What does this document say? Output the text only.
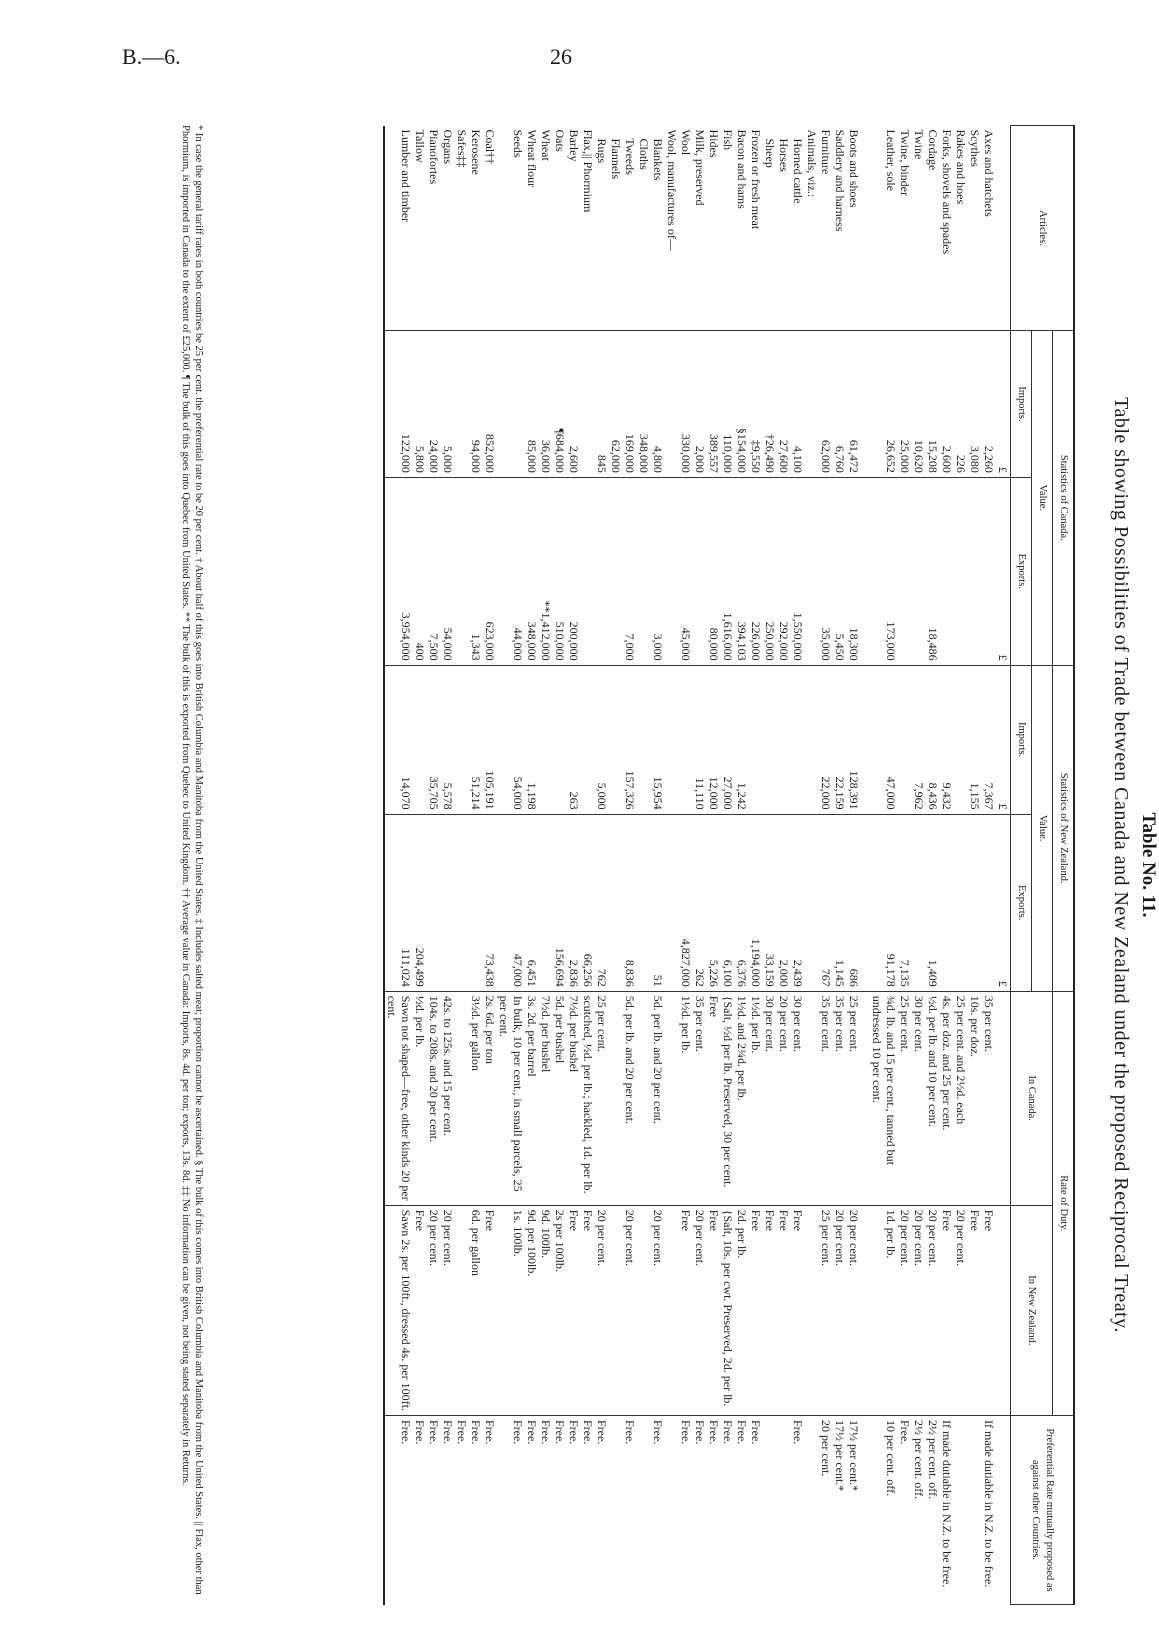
B.—6.	26
Table No. 11.
Table showing Possibilities of Trade between Canada and New Zealand under the proposed Reciprocal Treaty.
Articles.	Statistics of Canada.		Statistics of New Zealand.		Rate of Duty.		Preferential Rate mutually proposed as against other Countries.
	Value.		Value.		In Canada.	In New Zealand.	
	Imports.	Exports.	Imports.	Exports.			
	£	£	£	£			
Axes and hatchets	2,260		7,367		35 per cent.	Free	If made dutiable in N.Z. to be free.
Scythes	3,080		1,155		10s. per doz.	Free	
Rakes and hoes	226				25 per cent. and 2½d. each	20 per cent.	
Forks, shovels and spades	2,600		9,432		4s. per doz. and 25 per cent.	Free	If made dutiable in N.Z. to be free.
Cordage	15,208	18,486	8,436	1,409	½d. per lb. and 10 per cent.	20 per cent.	2½ per cent. off.
Twine	10,620		7,962		30 per cent.	20 per cent.	2½ per cent. off.
Twine, binder	25,000			7,135	25 per cent.	20 per cent.	Free.
Leather, sole	26,652	173,000	47,000	91,178	¾d. lb. and 15 per cent., tanned but undressed 10 per cent.	1d. per lb.	10 per cent. off.

Boots and shoes	61,472	18,300	128,391	686	25 per cent.	20 per cent.	17½ per cent.*
Saddlery and harness	6,760	5,450	22,159	1,145	35 per cent.	20 per cent.	17½ per cent.*
Furniture	62,000	35,000	22,000	767	35 per cent.	25 per cent.	20 per cent.
Animals, viz.:							
Horned cattle	4,100	1,550,000		2,439	30 per cent.	Free	Free.
Horses	27,600	292,000		2,000	20 per cent.	Free	
Sheep	†26,490	250,000		33,159	30 per cent.	Free	
Frozen or fresh meat	‡9,550	226,000		1,194,000	1½d. per lb.	Free	Free.
Bacon and hams	§154,000	394,103	1,242	6,376	1½d. and 2¾d. per lb.	2d. per lb.	Free.
Fish	110,000	1,616,000	27,000	6,100	{Salt, ½d per lb. Preserved, 30 per cent.	{Salt, 10s. per cwt. Preserved, 2d. per lb.	Free.
Hides	389,557	80,000	12,000	5,226	Free	Free	Free.
Milk, preserved	2,000		11,110	262	35 per cent.	20 per cent.	Free.
Wool	330,000	45,000		4,827,000	1½d. per lb.	Free	Free.
Wool, manufactures of—							
Blankets	4,800	3,000	15,954	51	5d. per lb. and 20 per cent.	20 per cent.	Free.
Cloths	348,000						
Tweeds	169,000	7,000	157,326	8,836	5d. per lb. and 20 per cent.	20 per cent.	Free.
Flannels	62,000						
Rugs	845		5,000	762	25 per cent.	20 per cent.	Free.
Flax,|| Phormium				66,256	scutched, ½d. per lb.; hackled, 1d. per lb.	Free	Free.
Barley	2,600	200,000	263	2,836	7½d. per bushel	Free	Free.
Oats	¶684,000	510,000		156,694	5d. per bushel	2s per 100lb.	Free.
Wheat	36,000	**1,412,000			7½d. per bushel	9d. 100lb.	Free.
Wheat flour	85,000	348,000	1,198	6,451	3s. 2d. per barrel	9d. per 100lb.	Free.
Seeds		44,000	54,000	47,000	In bulk, 10 per cent., in small parcels, 25 per cent.	1s. 100lb.	Free.
Coal††	852,000	623,000	105,191	73,438	2s. 6d. per ton	Free	Free.
Kerosene	94,000	1,343	51,214		3½d. per gallon	6d. per gallon	Free.
Safes‡‡							Free.
Organs	5,000	54,000	5,578		42s. to 125s. and 15 per cent.	20 per cent.	Free.
Pianofortes	24,000	7,500	35,705		104s. to 208s. and 20 per cent.	20 per cent.	Free.
Tallow	5,800	400		204,499	½d. per lb.	Free	Free.
Lumber and timber	122,000	3,954,000	14,070	111,024	Sawn not shaped—free, other kinds 20 per cent.	Sawn 2s. per 100ft., dressed 4s. per 100ft.	Free.
* In case the general tariff rates in both countries be 25 per cent. the preferential rate to be 20 per cent. † About half of this goes into British Columbia and Manitoba from the United States. ‡ Includes salted meat; proportion cannot be ascertained. § The bulk of this comes into British Columbia and Manitoba from the United States. || Flax, other than Phormium, is imported in Canada to the extent of £25,000. ¶ The bulk of this goes into Quebec from United States. ** The bulk of this is exported from Quebec to United Kingdom. †† Average value in Canada: Imports, 8s. 4d. per ton; exports, 13s. 8d. ‡‡ No information can be given, not being stated separately in Returns.
